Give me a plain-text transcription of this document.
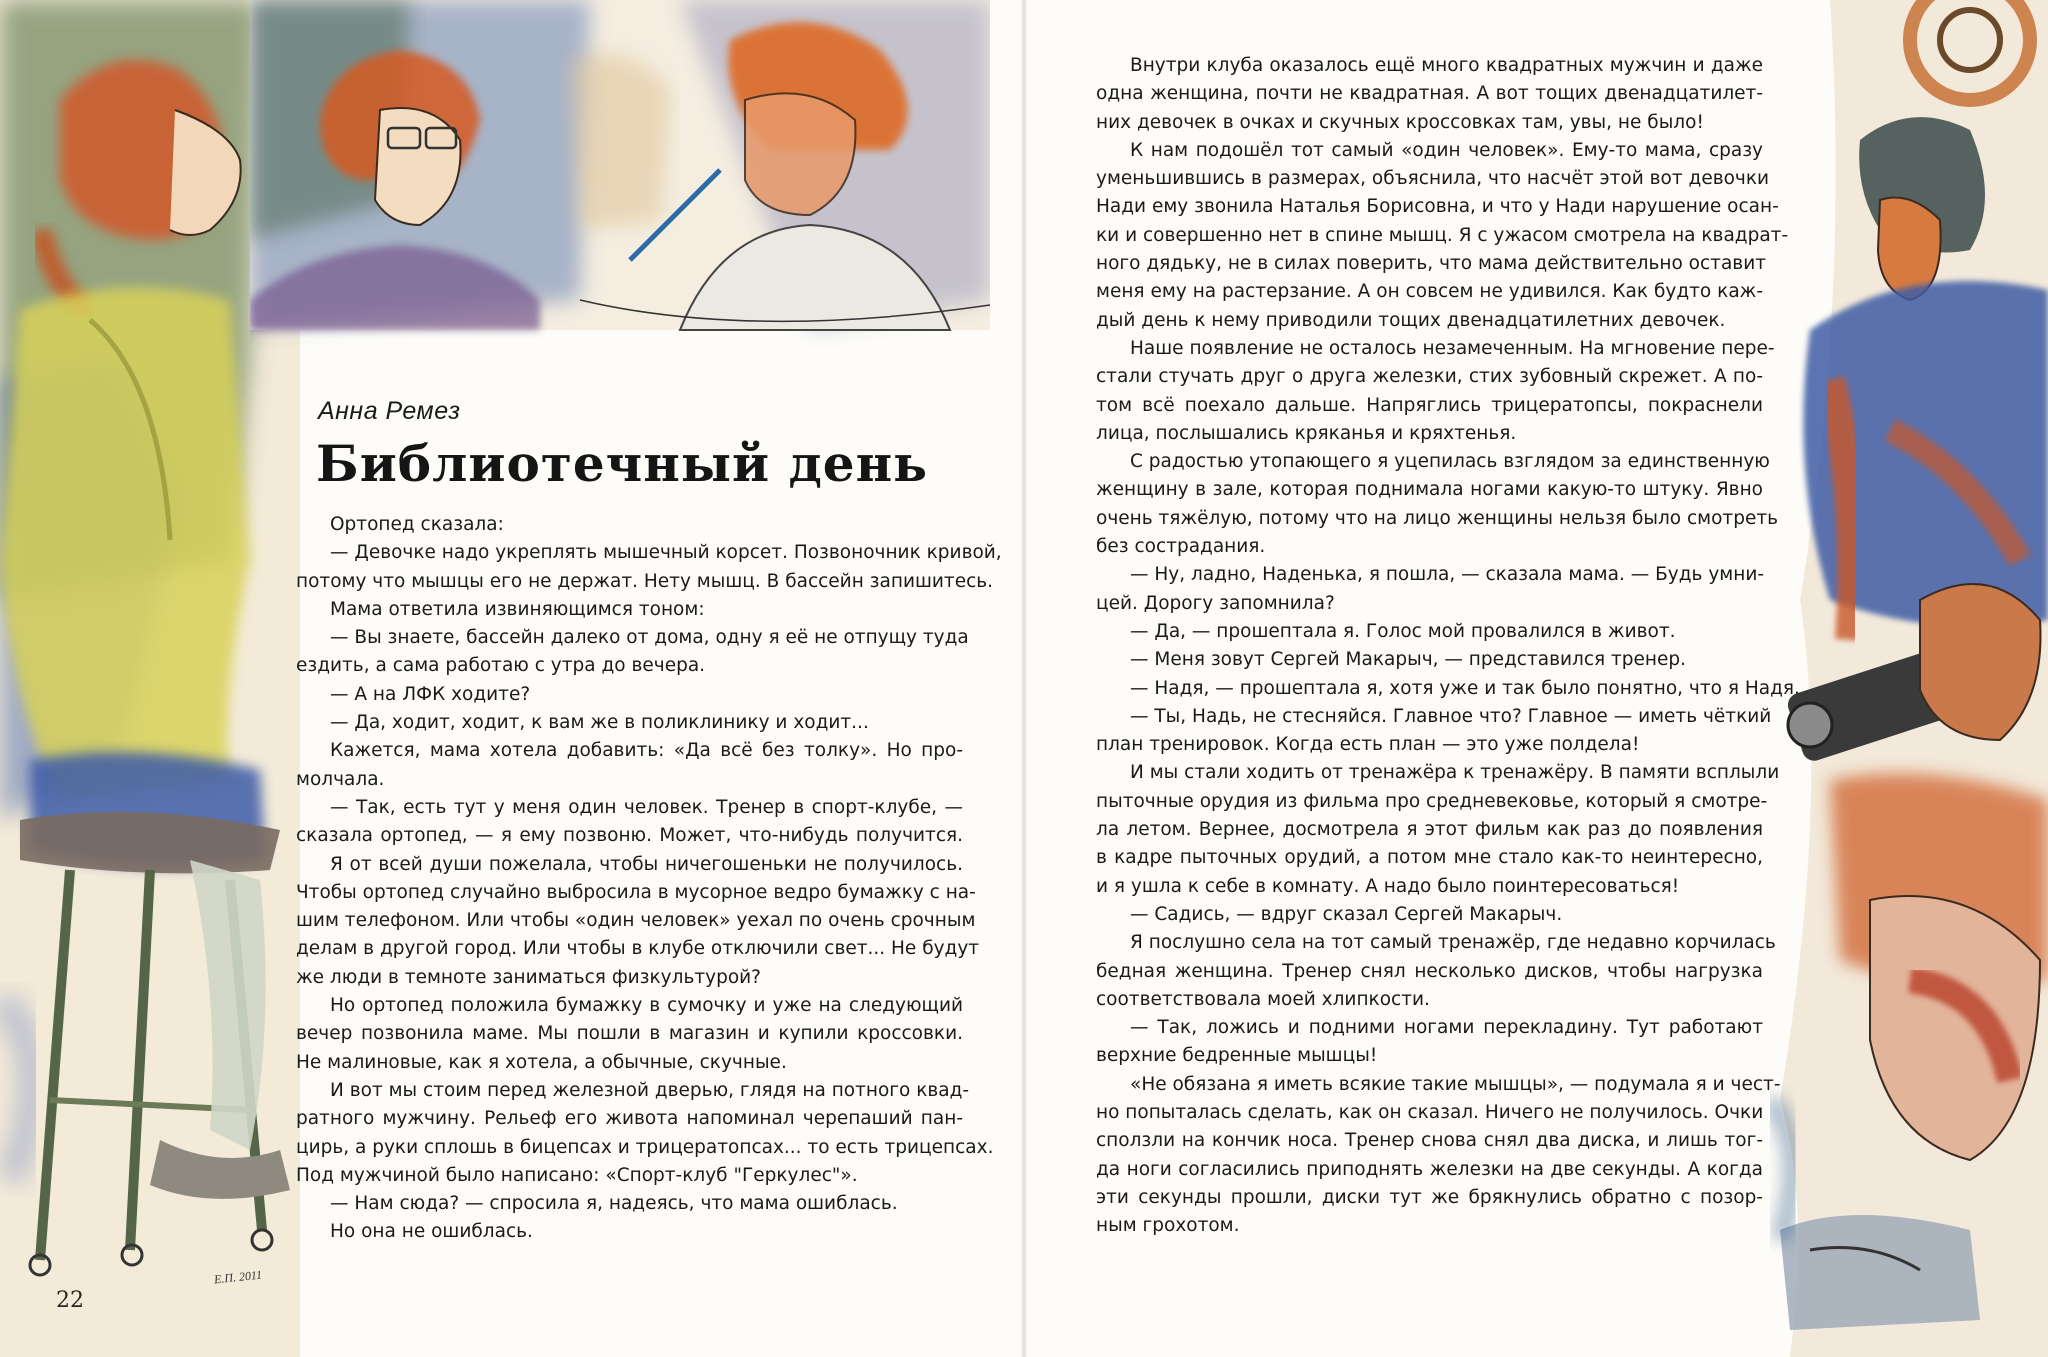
Анна Ремез
Библиотечный день
Ортопед сказала:
— Девочке надо укреплять мышечный корсет. Позвоночник кривой,
потому что мышцы его не держат. Нету мышц. В бассейн запишитесь.
Мама ответила извиняющимся тоном:
— Вы знаете, бассейн далеко от дома, одну я её не отпущу туда
ездить, а сама работаю с утра до вечера.
— А на ЛФК ходите?
— Да, ходит, ходит, к вам же в поликлинику и ходит...
Кажется, мама хотела добавить: «Да всё без толку». Но про-
молчала.
— Так, есть тут у меня один человек. Тренер в спорт-клубе, —
сказала ортопед, — я ему позвоню. Может, что-нибудь получится.
Я от всей души пожелала, чтобы ничегошеньки не получилось.
Чтобы ортопед случайно выбросила в мусорное ведро бумажку с на-
шим телефоном. Или чтобы «один человек» уехал по очень срочным
делам в другой город. Или чтобы в клубе отключили свет... Не будут
же люди в темноте заниматься физкультурой?
Но ортопед положила бумажку в сумочку и уже на следующий
вечер позвонила маме. Мы пошли в магазин и купили кроссовки.
Не малиновые, как я хотела, а обычные, скучные.
И вот мы стоим перед железной дверью, глядя на потного квад-
ратного мужчину. Рельеф его живота напоминал черепаший пан-
цирь, а руки сплошь в бицепсах и трицератопсах... то есть трицепсах.
Под мужчиной было написано: «Спорт-клуб "Геркулес"».
— Нам сюда? — спросила я, надеясь, что мама ошиблась.
Но она не ошиблась.
Е.П. 2011
22
Внутри клуба оказалось ещё много квадратных мужчин и даже
одна женщина, почти не квадратная. А вот тощих двенадцатилет-
них девочек в очках и скучных кроссовках там, увы, не было!
К нам подошёл тот самый «один человек». Ему-то мама, сразу
уменьшившись в размерах, объяснила, что насчёт этой вот девочки
Нади ему звонила Наталья Борисовна, и что у Нади нарушение осан-
ки и совершенно нет в спине мышц. Я с ужасом смотрела на квадрат-
ного дядьку, не в силах поверить, что мама действительно оставит
меня ему на растерзание. А он совсем не удивился. Как будто каж-
дый день к нему приводили тощих двенадцатилетних девочек.
Наше появление не осталось незамеченным. На мгновение пере-
стали стучать друг о друга железки, стих зубовный скрежет. А по-
том всё поехало дальше. Напряглись трицератопсы, покраснели
лица, послышались кряканья и кряхтенья.
С радостью утопающего я уцепилась взглядом за единственную
женщину в зале, которая поднимала ногами какую-то штуку. Явно
очень тяжёлую, потому что на лицо женщины нельзя было смотреть
без сострадания.
— Ну, ладно, Наденька, я пошла, — сказала мама. — Будь умни-
цей. Дорогу запомнила?
— Да, — прошептала я. Голос мой провалился в живот.
— Меня зовут Сергей Макарыч, — представился тренер.
— Надя, — прошептала я, хотя уже и так было понятно, что я Надя.
— Ты, Надь, не стесняйся. Главное что? Главное — иметь чёткий
план тренировок. Когда есть план — это уже полдела!
И мы стали ходить от тренажёра к тренажёру. В памяти всплыли
пыточные орудия из фильма про средневековье, который я смотре-
ла летом. Вернее, досмотрела я этот фильм как раз до появления
в кадре пыточных орудий, а потом мне стало как-то неинтересно,
и я ушла к себе в комнату. А надо было поинтересоваться!
— Садись, — вдруг сказал Сергей Макарыч.
Я послушно села на тот самый тренажёр, где недавно корчилась
бедная женщина. Тренер снял несколько дисков, чтобы нагрузка
соответствовала моей хлипкости.
— Так, ложись и подними ногами перекладину. Тут работают
верхние бедренные мышцы!
«Не обязана я иметь всякие такие мышцы», — подумала я и чест-
но попыталась сделать, как он сказал. Ничего не получилось. Очки
сползли на кончик носа. Тренер снова снял два диска, и лишь тог-
да ноги согласились приподнять железки на две секунды. А когда
эти секунды прошли, диски тут же брякнулись обратно с позор-
ным грохотом.
